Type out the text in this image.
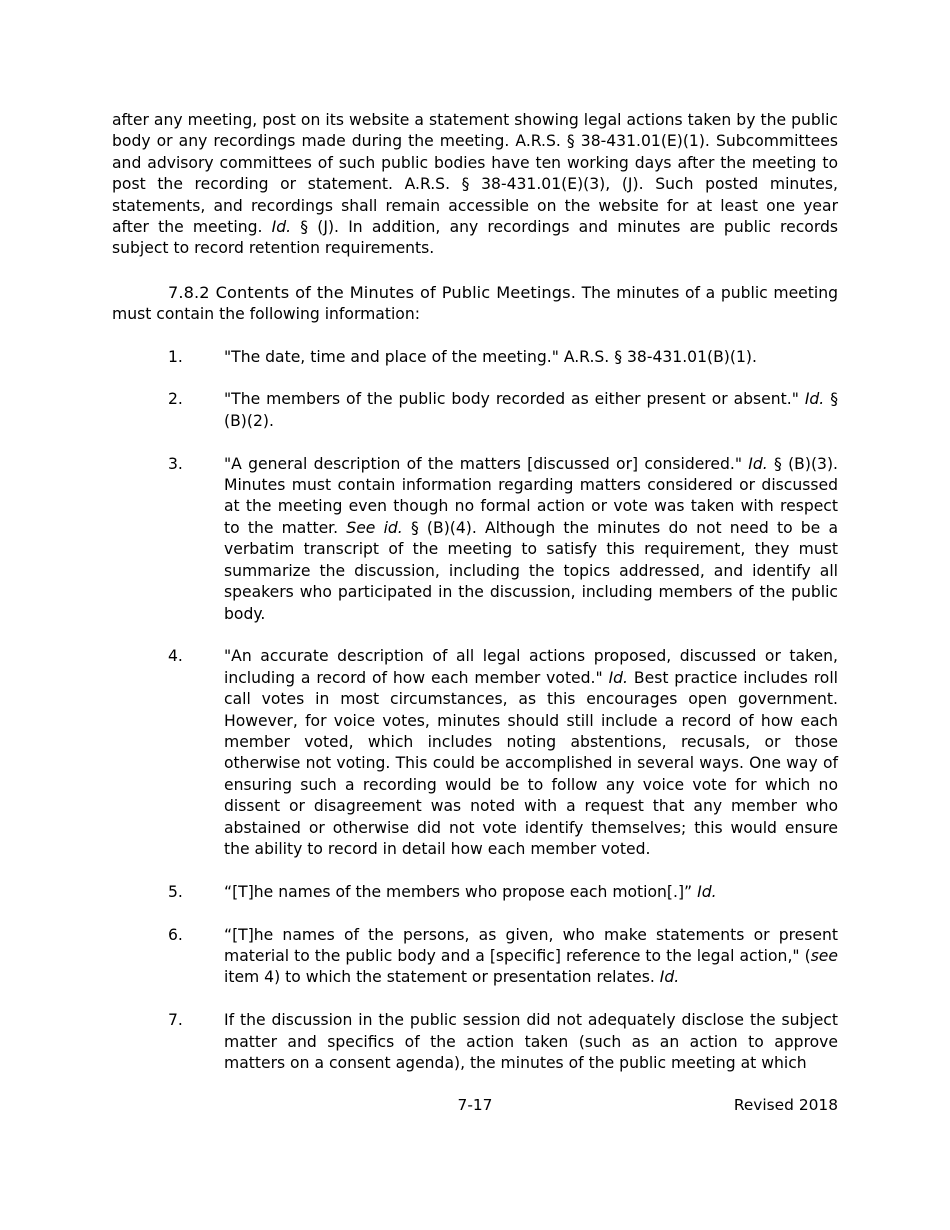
after any meeting, post on its website a statement showing legal actions taken by the public body or any recordings made during the meeting. A.R.S. § 38-431.01(E)(1). Subcommittees and advisory committees of such public bodies have ten working days after the meeting to post the recording or statement. A.R.S. § 38-431.01(E)(3), (J). Such posted minutes, statements, and recordings shall remain accessible on the website for at least one year after the meeting. Id. § (J). In addition, any recordings and minutes are public records subject to record retention requirements.

7.8.2 Contents of the Minutes of Public Meetings. The minutes of a public meeting must contain the following information:

1.	"The date, time and place of the meeting." A.R.S. § 38-431.01(B)(1).
2.	"The members of the public body recorded as either present or absent." Id. § (B)(2).
3.	"A general description of the matters [discussed or] considered." Id. § (B)(3). Minutes must contain information regarding matters considered or discussed at the meeting even though no formal action or vote was taken with respect to the matter. See id. § (B)(4). Although the minutes do not need to be a verbatim transcript of the meeting to satisfy this requirement, they must summarize the discussion, including the topics addressed, and identify all speakers who participated in the discussion, including members of the public body.
4.	"An accurate description of all legal actions proposed, discussed or taken, including a record of how each member voted." Id. Best practice includes roll call votes in most circumstances, as this encourages open government. However, for voice votes, minutes should still include a record of how each member voted, which includes noting abstentions, recusals, or those otherwise not voting. This could be accomplished in several ways. One way of ensuring such a recording would be to follow any voice vote for which no dissent or disagreement was noted with a request that any member who abstained or otherwise did not vote identify themselves; this would ensure the ability to record in detail how each member voted.
5.	“[T]he names of the members who propose each motion[.]” Id.
6.	“[T]he names of the persons, as given, who make statements or present material to the public body and a [specific] reference to the legal action," (see item 4) to which the statement or presentation relates. Id.
7.	If the discussion in the public session did not adequately disclose the subject matter and specifics of the action taken (such as an action to approve matters on a consent agenda), the minutes of the public meeting at which
7-17	Revised 2018
